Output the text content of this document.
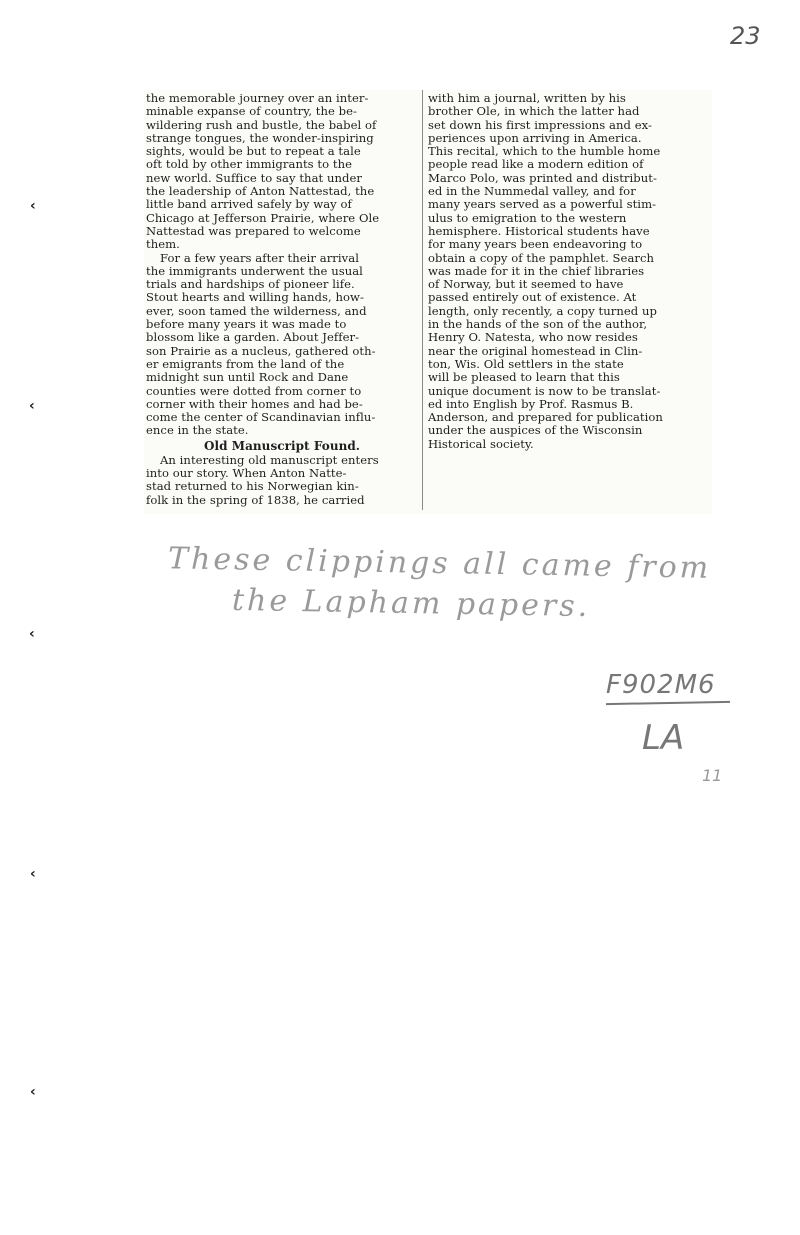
23
the memorable journey over an inter-
minable expanse of country, the be-
wildering rush and bustle, the babel of
strange tongues, the wonder-inspiring
sights, would be but to repeat a tale
oft told by other immigrants to the
new world. Suffice to say that under
the leadership of Anton Nattestad, the
little band arrived safely by way of
Chicago at Jefferson Prairie, where Ole
Nattestad was prepared to welcome
them.
For a few years after their arrival
the immigrants underwent the usual
trials and hardships of pioneer life.
Stout hearts and willing hands, how-
ever, soon tamed the wilderness, and
before many years it was made to
blossom like a garden. About Jeffer-
son Prairie as a nucleus, gathered oth-
er emigrants from the land of the
midnight sun until Rock and Dane
counties were dotted from corner to
corner with their homes and had be-
come the center of Scandinavian influ-
ence in the state.
Old Manuscript Found.
An interesting old manuscript enters
into our story. When Anton Natte-
stad returned to his Norwegian kin-
folk in the spring of 1838, he carried
with him a journal, written by his
brother Ole, in which the latter had
set down his first impressions and ex-
periences upon arriving in America.
This recital, which to the humble home
people read like a modern edition of
Marco Polo, was printed and distribut-
ed in the Nummedal valley, and for
many years served as a powerful stim-
ulus to emigration to the western
hemisphere. Historical students have
for many years been endeavoring to
obtain a copy of the pamphlet. Search
was made for it in the chief libraries
of Norway, but it seemed to have
passed entirely out of existence. At
length, only recently, a copy turned up
in the hands of the son of the author,
Henry O. Natesta, who now resides
near the original homestead in Clin-
ton, Wis. Old settlers in the state
will be pleased to learn that this
unique document is now to be translat-
ed into English by Prof. Rasmus B.
Anderson, and prepared for publication
under the auspices of the Wisconsin
Historical society.
‹
‹
‹
‹
‹
These clippings all came from
the Lapham papers.
F902M6
LA
11
